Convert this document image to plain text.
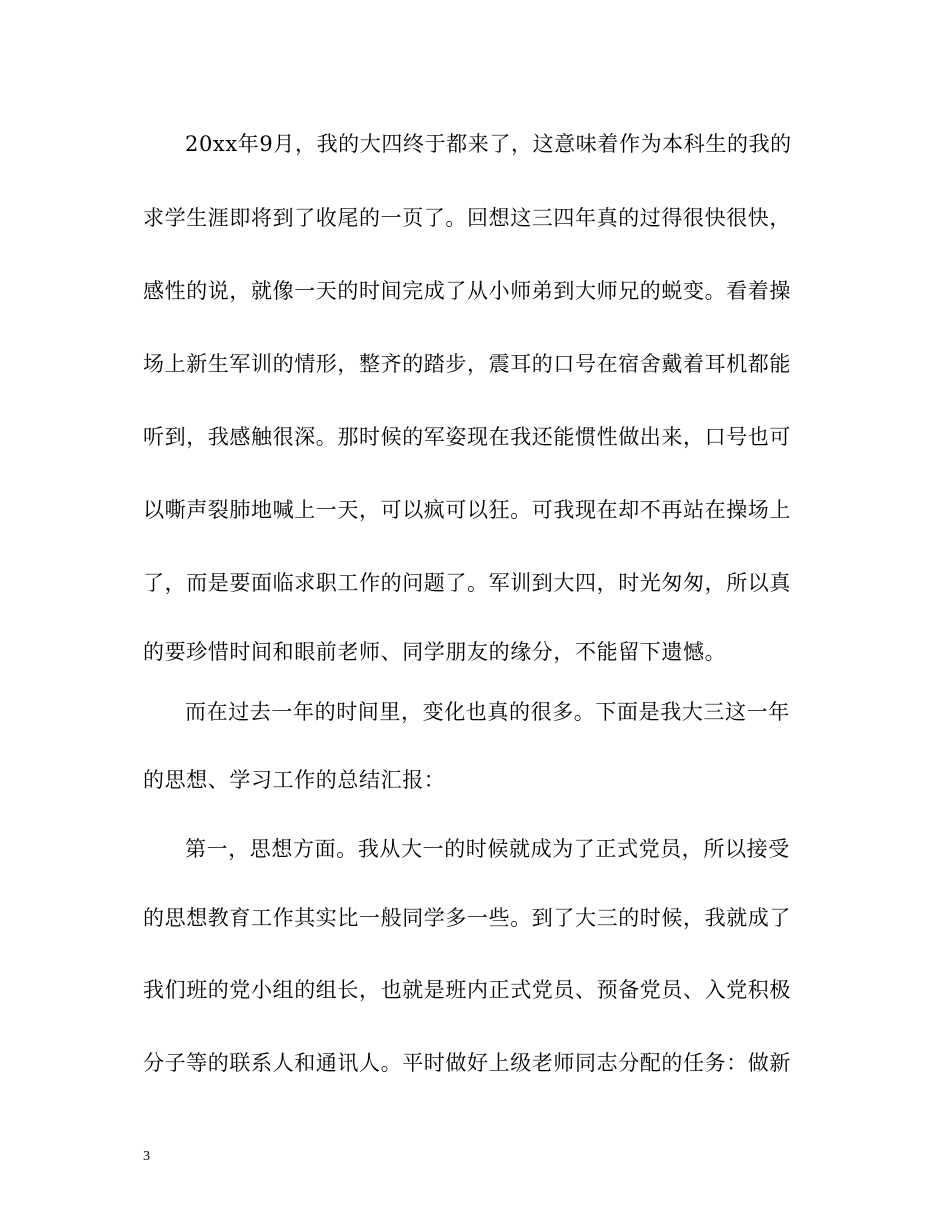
20xx年9月，我的大四终于都来了，这意味着作为本科生的我的
求学生涯即将到了收尾的一页了。回想这三四年真的过得很快很快，
感性的说，就像一天的时间完成了从小师弟到大师兄的蜕变。看着操
场上新生军训的情形，整齐的踏步，震耳的口号在宿舍戴着耳机都能
听到，我感触很深。那时候的军姿现在我还能惯性做出来，口号也可
以嘶声裂肺地喊上一天，可以疯可以狂。可我现在却不再站在操场上
了，而是要面临求职工作的问题了。军训到大四，时光匆匆，所以真
的要珍惜时间和眼前老师、同学朋友的缘分，不能留下遗憾。
而在过去一年的时间里，变化也真的很多。下面是我大三这一年
的思想、学习工作的总结汇报：
第一，思想方面。我从大一的时候就成为了正式党员，所以接受
的思想教育工作其实比一般同学多一些。到了大三的时候，我就成了
我们班的党小组的组长，也就是班内正式党员、预备党员、入党积极
分子等的联系人和通讯人。平时做好上级老师同志分配的任务：做新
3
